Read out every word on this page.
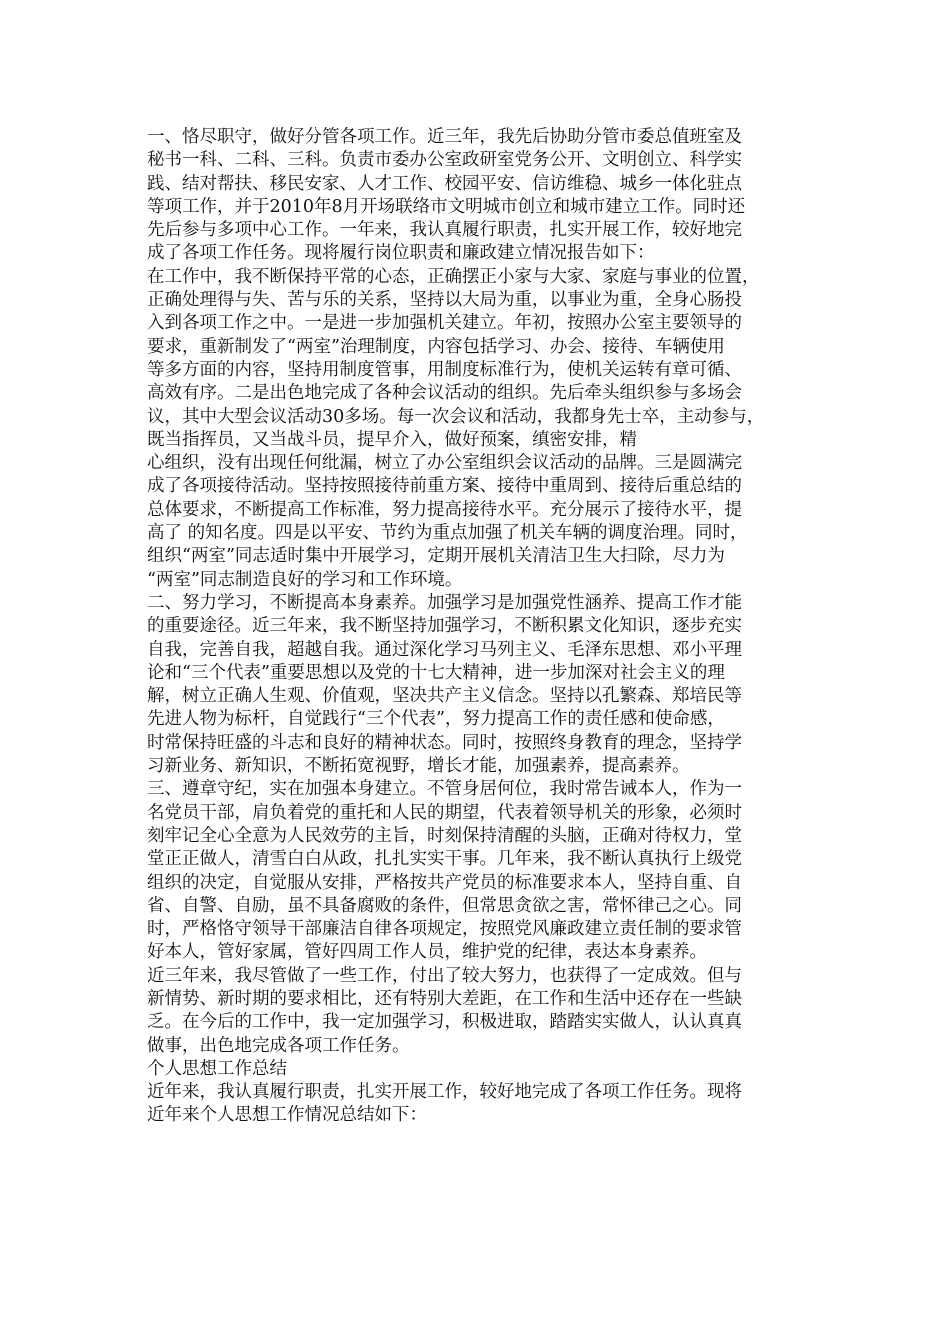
一、恪尽职守，做好分管各项工作。近三年，我先后协助分管市委总值班室及
秘书一科、二科、三科。负责市委办公室政研室党务公开、文明创立、科学实
践、结对帮扶、移民安家、人才工作、校园平安、信访维稳、城乡一体化驻点
等项工作，并于2010年8月开场联络市文明城市创立和城市建立工作。同时还
先后参与多项中心工作。一年来，我认真履行职责，扎实开展工作，较好地完
成了各项工作任务。现将履行岗位职责和廉政建立情况报告如下：
在工作中，我不断保持平常的心态，正确摆正小家与大家、家庭与事业的位置，
正确处理得与失、苦与乐的关系，坚持以大局为重，以事业为重，全身心肠投
入到各项工作之中。一是进一步加强机关建立。年初，按照办公室主要领导的
要求，重新制发了“两室”治理制度，内容包括学习、办会、接待、车辆使用
等多方面的内容，坚持用制度管事，用制度标准行为，使机关运转有章可循、
高效有序。二是出色地完成了各种会议活动的组织。先后牵头组织参与多场会
议，其中大型会议活动30多场。每一次会议和活动，我都身先士卒，主动参与，
既当指挥员，又当战斗员，提早介入，做好预案，缜密安排，精
心组织，没有出现任何纰漏，树立了办公室组织会议活动的品牌。三是圆满完
成了各项接待活动。坚持按照接待前重方案、接待中重周到、接待后重总结的
总体要求，不断提高工作标准，努力提高接待水平。充分展示了接待水平，提
高了 的知名度。四是以平安、节约为重点加强了机关车辆的调度治理。同时，
组织“两室”同志适时集中开展学习，定期开展机关清洁卫生大扫除，尽力为
“两室”同志制造良好的学习和工作环境。
二、努力学习，不断提高本身素养。加强学习是加强党性涵养、提高工作才能
的重要途径。近三年来，我不断坚持加强学习，不断积累文化知识，逐步充实
自我，完善自我，超越自我。通过深化学习马列主义、毛泽东思想、邓小平理
论和“三个代表”重要思想以及党的十七大精神，进一步加深对社会主义的理
解，树立正确人生观、价值观，坚决共产主义信念。坚持以孔繁森、郑培民等
先进人物为标杆，自觉践行“三个代表”，努力提高工作的责任感和使命感，
时常保持旺盛的斗志和良好的精神状态。同时，按照终身教育的理念，坚持学
习新业务、新知识，不断拓宽视野，增长才能，加强素养，提高素养。
三、遵章守纪，实在加强本身建立。不管身居何位，我时常告诫本人，作为一
名党员干部，肩负着党的重托和人民的期望，代表着领导机关的形象，必须时
刻牢记全心全意为人民效劳的主旨，时刻保持清醒的头脑，正确对待权力，堂
堂正正做人，清雪白白从政，扎扎实实干事。几年来，我不断认真执行上级党
组织的决定，自觉服从安排，严格按共产党员的标准要求本人，坚持自重、自
省、自警、自励，虽不具备腐败的条件，但常思贪欲之害，常怀律己之心。同
时，严格恪守领导干部廉洁自律各项规定，按照党风廉政建立责任制的要求管
好本人，管好家属，管好四周工作人员，维护党的纪律，表达本身素养。
近三年来，我尽管做了一些工作，付出了较大努力，也获得了一定成效。但与
新情势、新时期的要求相比，还有特别大差距，在工作和生活中还存在一些缺
乏。在今后的工作中，我一定加强学习，积极进取，踏踏实实做人，认认真真
做事，出色地完成各项工作任务。
个人思想工作总结
近年来，我认真履行职责，扎实开展工作，较好地完成了各项工作任务。现将
近年来个人思想工作情况总结如下：
